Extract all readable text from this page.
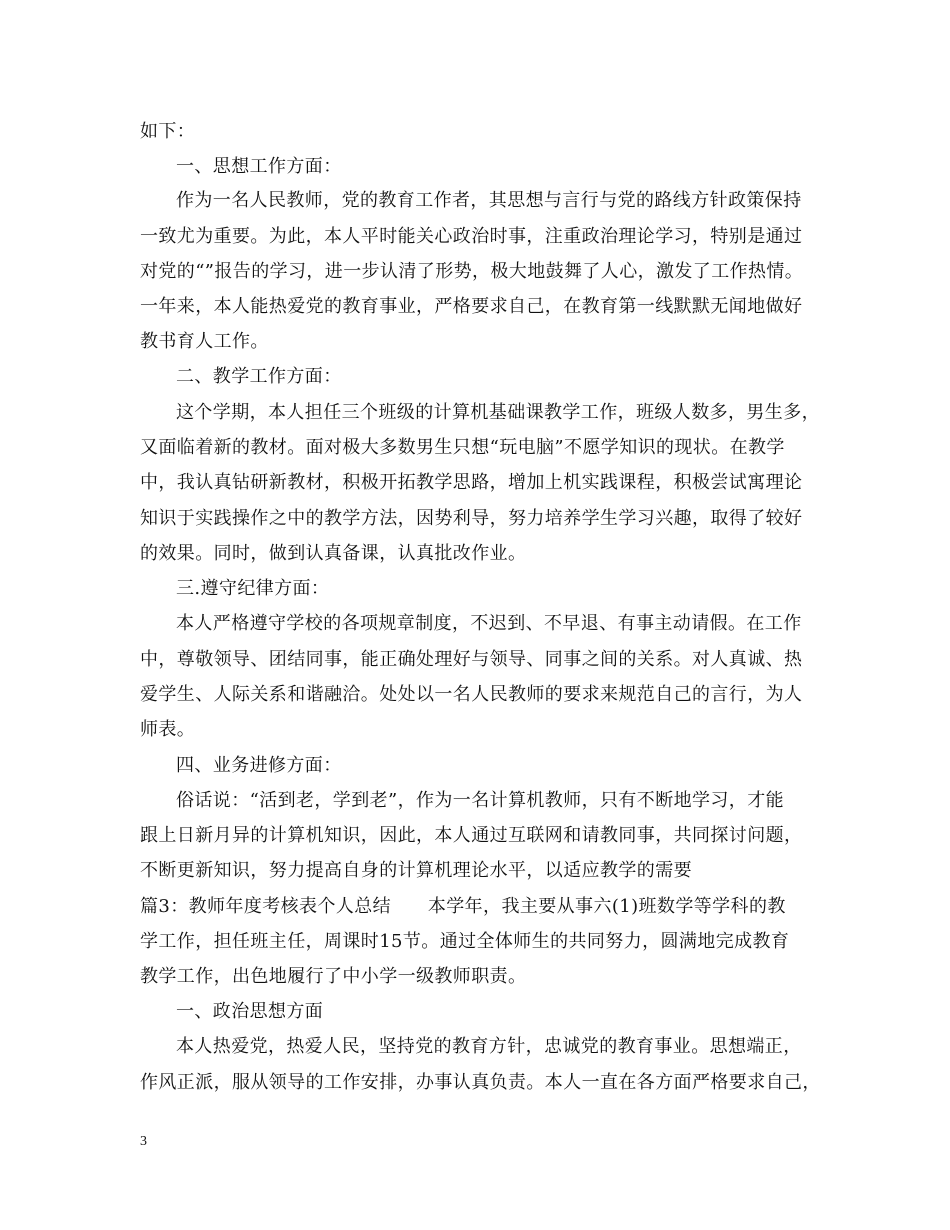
如下：
一、思想工作方面：
作为一名人民教师，党的教育工作者，其思想与言行与党的路线方针政策保持
一致尤为重要。为此，本人平时能关心政治时事，注重政治理论学习，特别是通过
对党的“”报告的学习，进一步认清了形势，极大地鼓舞了人心，激发了工作热情。
一年来，本人能热爱党的教育事业，严格要求自己，在教育第一线默默无闻地做好
教书育人工作。
二、教学工作方面：
这个学期，本人担任三个班级的计算机基础课教学工作，班级人数多，男生多，
又面临着新的教材。面对极大多数男生只想“玩电脑”不愿学知识的现状。在教学
中，我认真钻研新教材，积极开拓教学思路，增加上机实践课程，积极尝试寓理论
知识于实践操作之中的教学方法，因势利导，努力培养学生学习兴趣，取得了较好
的效果。同时，做到认真备课，认真批改作业。
三.遵守纪律方面：
本人严格遵守学校的各项规章制度，不迟到、不早退、有事主动请假。在工作
中，尊敬领导、团结同事，能正确处理好与领导、同事之间的关系。对人真诚、热
爱学生、人际关系和谐融洽。处处以一名人民教师的要求来规范自己的言行，为人
师表。
四、业务进修方面：
俗话说：“活到老，学到老”，作为一名计算机教师，只有不断地学习，才能
跟上日新月异的计算机知识，因此，本人通过互联网和请教同事，共同探讨问题，
不断更新知识，努力提高自身的计算机理论水平，以适应教学的需要
篇3：教师年度考核表个人总结　　本学年，我主要从事六(1)班数学等学科的教
学工作，担任班主任，周课时15节。通过全体师生的共同努力，圆满地完成教育
教学工作，出色地履行了中小学一级教师职责。
一、政治思想方面
本人热爱党，热爱人民，坚持党的教育方针，忠诚党的教育事业。思想端正，
作风正派，服从领导的工作安排，办事认真负责。本人一直在各方面严格要求自己，
3
